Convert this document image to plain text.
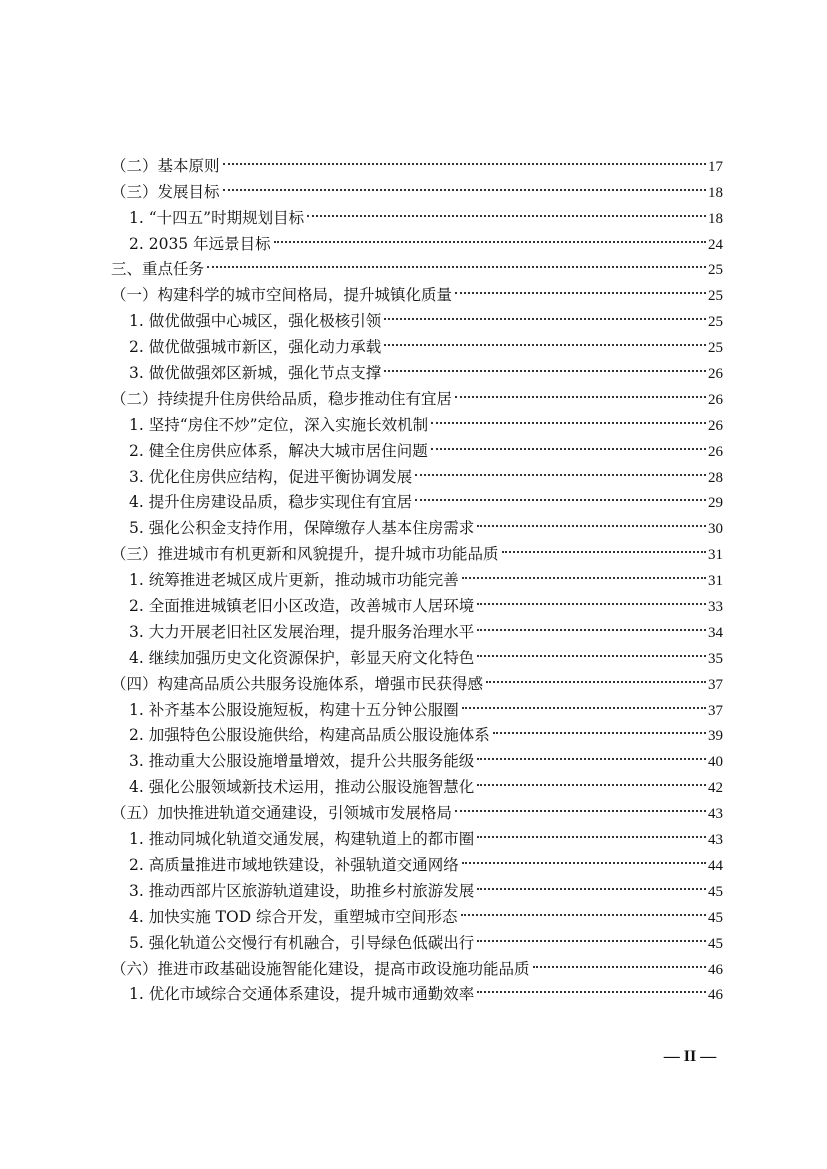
（二）基本原则	17
（三）发展目标	18
1. “十四五”时期规划目标	18
2. 2035 年远景目标	24
三、重点任务	25
（一）构建科学的城市空间格局，提升城镇化质量	25
1. 做优做强中心城区，强化极核引领	25
2. 做优做强城市新区，强化动力承载	25
3. 做优做强郊区新城，强化节点支撑	26
（二）持续提升住房供给品质，稳步推动住有宜居	26
1. 坚持“房住不炒”定位，深入实施长效机制	26
2. 健全住房供应体系，解决大城市居住问题	26
3. 优化住房供应结构，促进平衡协调发展	28
4. 提升住房建设品质，稳步实现住有宜居	29
5. 强化公积金支持作用，保障缴存人基本住房需求	30
（三）推进城市有机更新和风貌提升，提升城市功能品质	31
1. 统筹推进老城区成片更新，推动城市功能完善	31
2. 全面推进城镇老旧小区改造，改善城市人居环境	33
3. 大力开展老旧社区发展治理，提升服务治理水平	34
4. 继续加强历史文化资源保护，彰显天府文化特色	35
（四）构建高品质公共服务设施体系，增强市民获得感	37
1. 补齐基本公服设施短板，构建十五分钟公服圈	37
2. 加强特色公服设施供给，构建高品质公服设施体系	39
3. 推动重大公服设施增量增效，提升公共服务能级	40
4. 强化公服领域新技术运用，推动公服设施智慧化	42
（五）加快推进轨道交通建设，引领城市发展格局	43
1. 推动同城化轨道交通发展，构建轨道上的都市圈	43
2. 高质量推进市域地铁建设，补强轨道交通网络	44
3. 推动西部片区旅游轨道建设，助推乡村旅游发展	45
4. 加快实施 TOD 综合开发，重塑城市空间形态	45
5. 强化轨道公交慢行有机融合，引导绿色低碳出行	45
（六）推进市政基础设施智能化建设，提高市政设施功能品质	46
1. 优化市域综合交通体系建设，提升城市通勤效率	46
— II —
